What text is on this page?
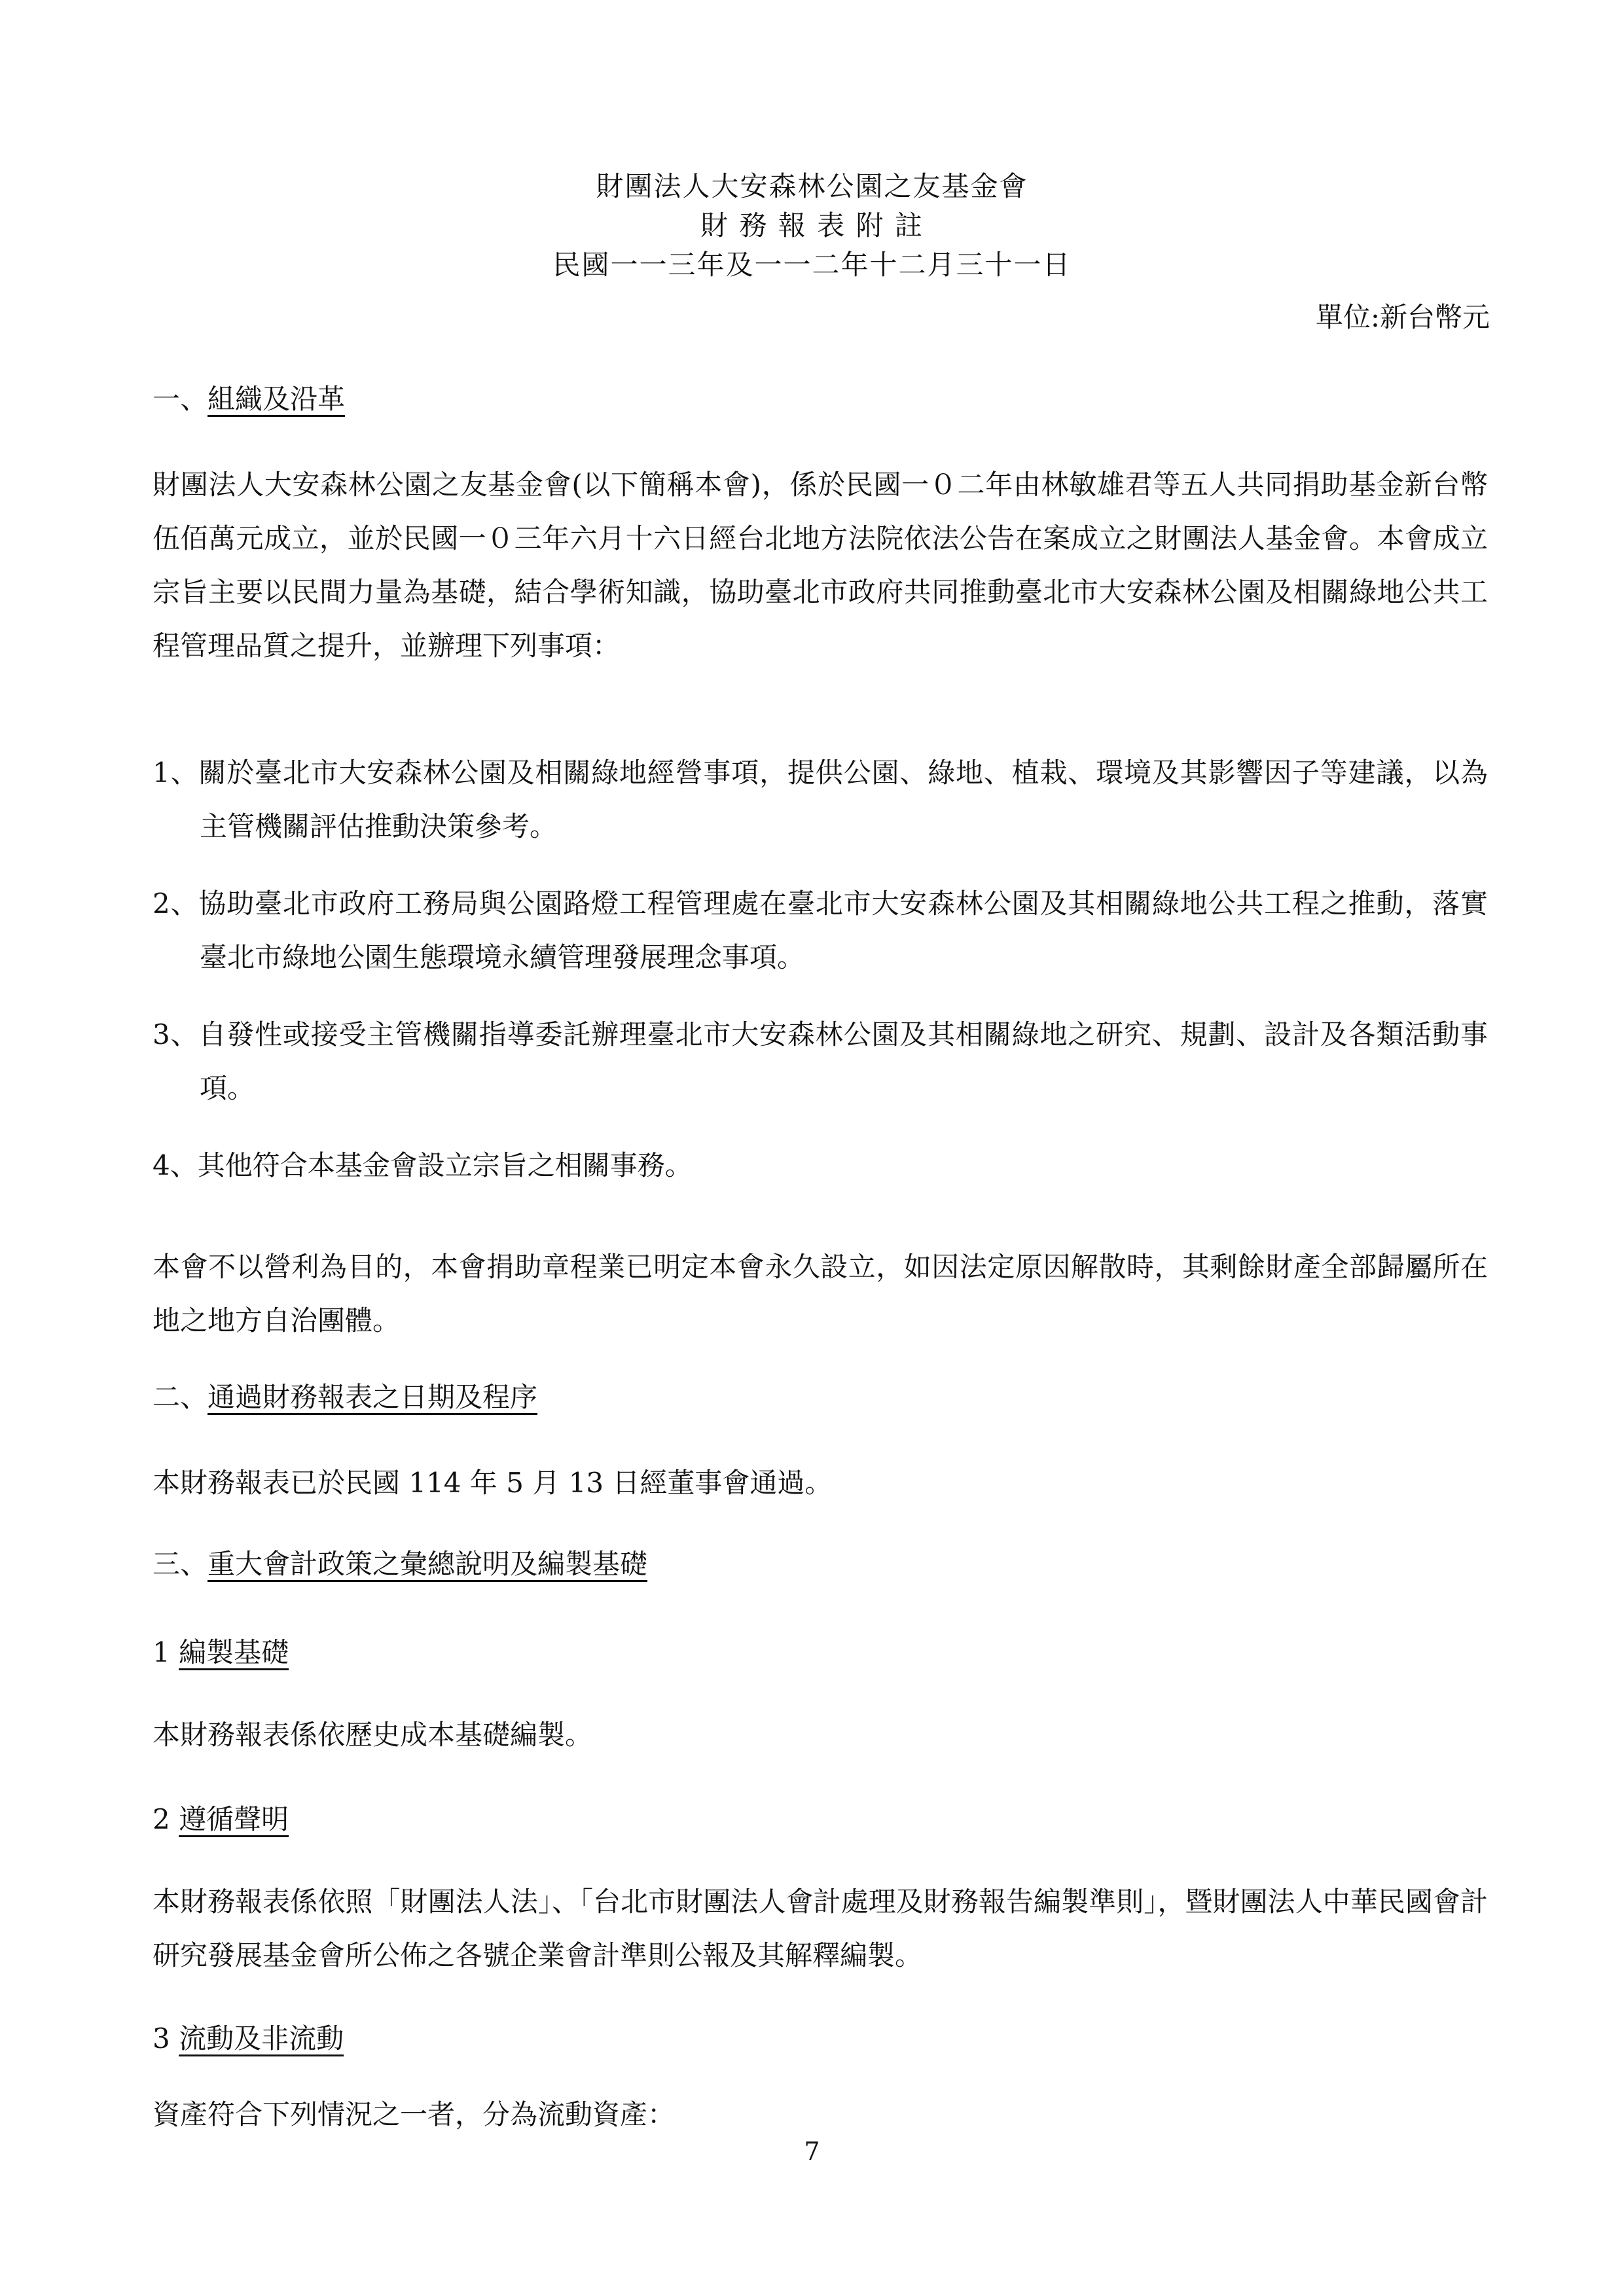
財團法人大安森林公園之友基金會
財 務 報 表 附 註
民國一一三年及一一二年十二月三十一日
單位:新台幣元
一、組織及沿革
財團法人大安森林公園之友基金會(以下簡稱本會)，係於民國一０二年由林敏雄君等五人共同捐助基金新台幣伍佰萬元成立，並於民國一０三年六月十六日經台北地方法院依法公告在案成立之財團法人基金會。本會成立宗旨主要以民間力量為基礎，結合學術知識，協助臺北市政府共同推動臺北市大安森林公園及相關綠地公共工程管理品質之提升，並辦理下列事項：
1、關於臺北市大安森林公園及相關綠地經營事項，提供公園、綠地、植栽、環境及其影響因子等建議，以為主管機關評估推動決策參考。
2、協助臺北市政府工務局與公園路燈工程管理處在臺北市大安森林公園及其相關綠地公共工程之推動，落實臺北市綠地公園生態環境永續管理發展理念事項。
3、自發性或接受主管機關指導委託辦理臺北市大安森林公園及其相關綠地之研究、規劃、設計及各類活動事項。
4、其他符合本基金會設立宗旨之相關事務。
本會不以營利為目的，本會捐助章程業已明定本會永久設立，如因法定原因解散時，其剩餘財產全部歸屬所在地之地方自治團體。
二、通過財務報表之日期及程序
本財務報表已於民國 114 年 5 月 13 日經董事會通過。
三、重大會計政策之彙總說明及編製基礎
1 編製基礎
本財務報表係依歷史成本基礎編製。
2 遵循聲明
本財務報表係依照「財團法人法」、「台北市財團法人會計處理及財務報告編製準則」，暨財團法人中華民國會計研究發展基金會所公佈之各號企業會計準則公報及其解釋編製。
3 流動及非流動
資產符合下列情況之一者，分為流動資產：
7
